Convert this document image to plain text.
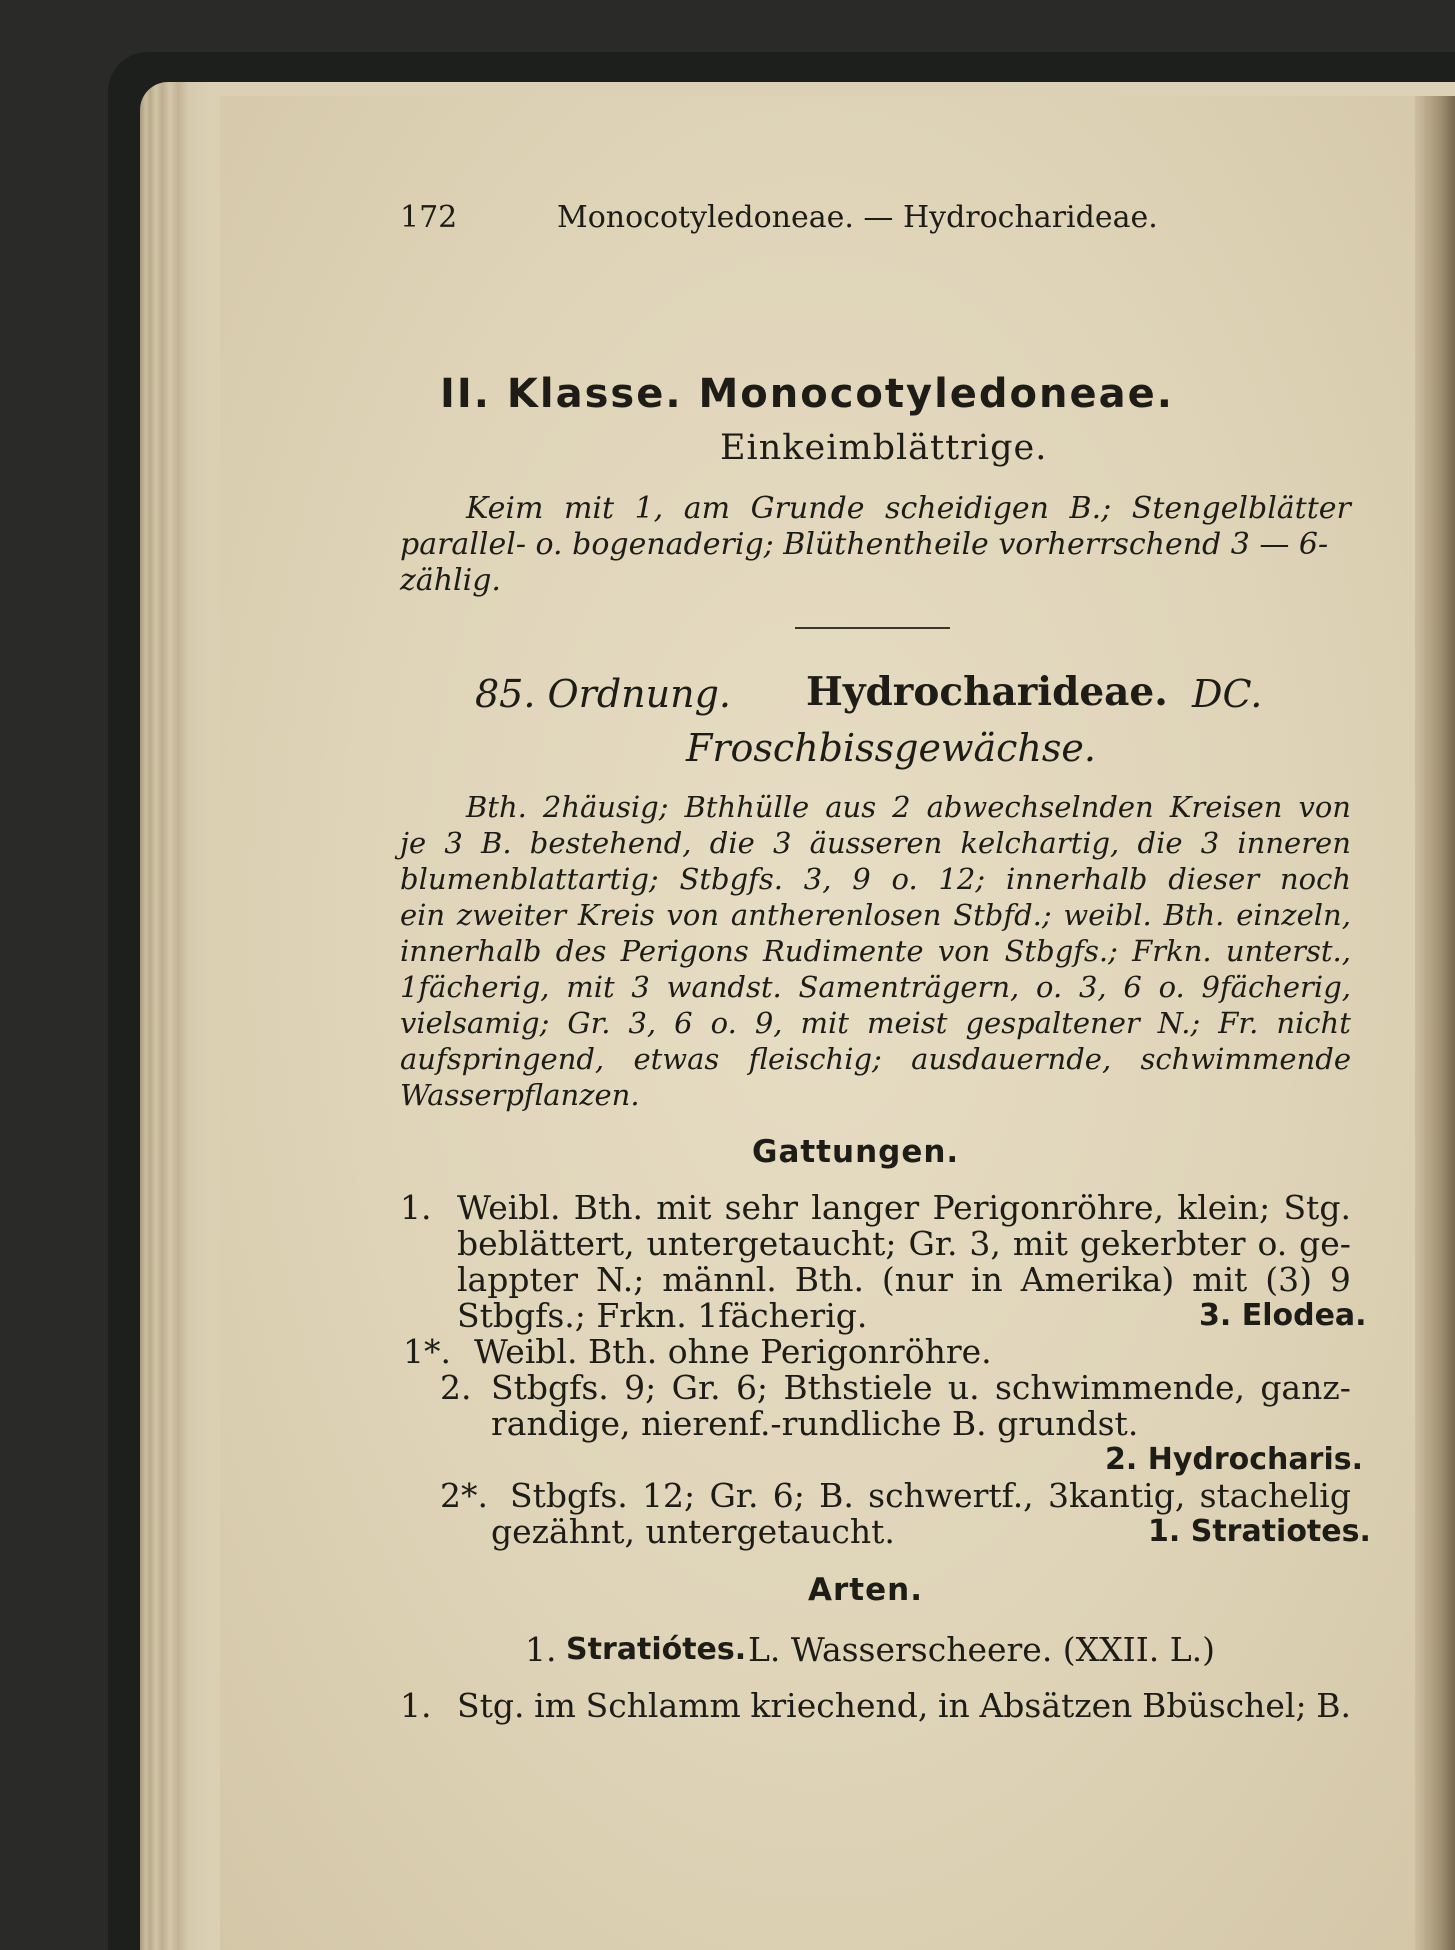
172	Monocotyledoneae. — Hydrocharideae.
II. Klasse. Monocotyledoneae.
Einkeimblättrige.
Keim mit 1, am Grunde scheidigen B.; Stengelblätter
parallel- o. bogenaderig; Blüthentheile vorherrschend 3 — 6-
zählig.
85. Ordnung. Hydrocharideae. DC.
Froschbissgewächse.
Bth. 2häusig; Bthhülle aus 2 abwechselnden Kreisen von
je 3 B. bestehend, die 3 äusseren kelchartig, die 3 inneren
blumenblattartig; Stbgfs. 3, 9 o. 12; innerhalb dieser noch
ein zweiter Kreis von antherenlosen Stbfd.; weibl. Bth. einzeln,
innerhalb des Perigons Rudimente von Stbgfs.; Frkn. unterst.,
1fächerig, mit 3 wandst. Samenträgern, o. 3, 6 o. 9fächerig,
vielsamig; Gr. 3, 6 o. 9, mit meist gespaltener N.; Fr. nicht
aufspringend, etwas fleischig; ausdauernde, schwimmende
Wasserpflanzen.
Gattungen.
1. Weibl. Bth. mit sehr langer Perigonröhre, klein; Stg.
beblättert, untergetaucht; Gr. 3, mit gekerbter o. ge-
lappter N.; männl. Bth. (nur in Amerika) mit (3) 9
Stbgfs.; Frkn. 1fächerig.	3. Elodea.
1*. Weibl. Bth. ohne Perigonröhre.
2. Stbgfs. 9; Gr. 6; Bthstiele u. schwimmende, ganz-
randige, nierenf.-rundliche B. grundst.
2. Hydrocharis.
2*. Stbgfs. 12; Gr. 6; B. schwertf., 3kantig, stachelig
gezähnt, untergetaucht.	1. Stratiotes.
Arten.
1. Stratiótes. L. Wasserscheere. (XXII. L.)
1. Stg. im Schlamm kriechend, in Absätzen Bbüschel; B.
